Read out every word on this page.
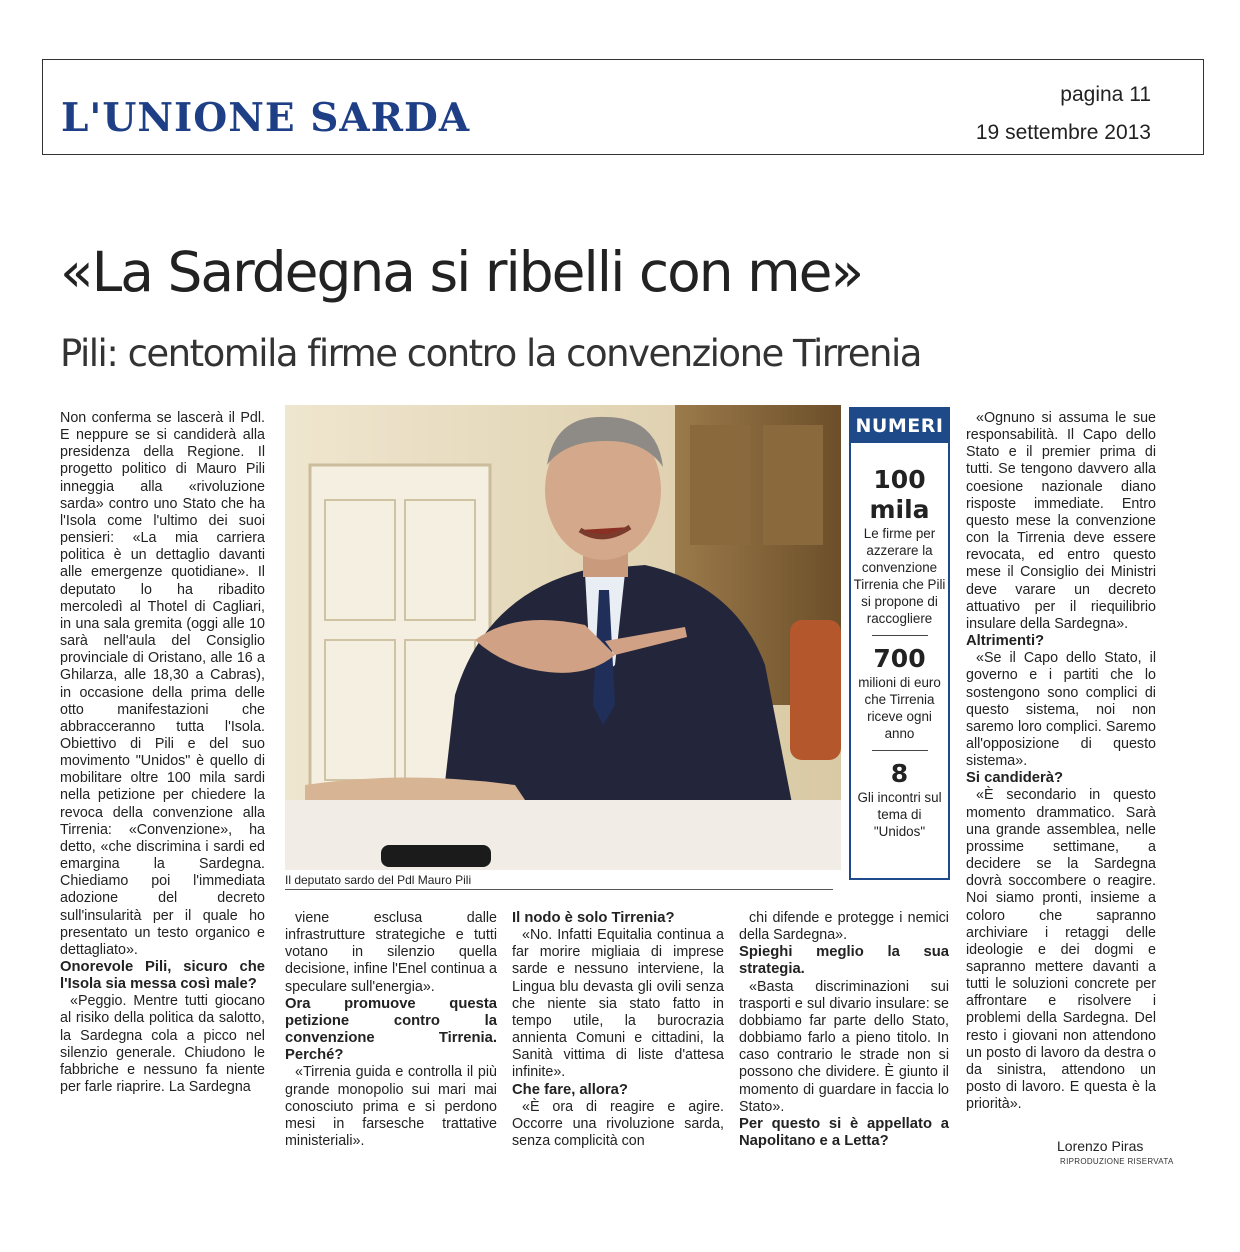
L'UNIONE SARDA
pagina 11
19 settembre 2013
«La Sardegna si ribelli con me»
Pili: centomila firme contro la convenzione Tirrenia

Non conferma se lascerà il Pdl. E neppure se si candiderà alla presidenza della Regione. Il progetto politico di Mauro Pili inneggia alla «rivoluzione sarda» contro uno Stato che ha l'Isola come l'ultimo dei suoi pensieri: «La mia carriera politica è un dettaglio davanti alle emergenze quotidiane». Il deputato lo ha ribadito mercoledì al Thotel di Cagliari, in una sala gremita (oggi alle 10 sarà nell'aula del Consiglio provinciale di Oristano, alle 16 a Ghilarza, alle 18,30 a Cabras), in occasione della prima delle otto manifestazioni che abbracceranno tutta l'Isola. Obiettivo di Pili e del suo movimento "Unidos" è quello di mobilitare oltre 100 mila sardi nella petizione per chiedere la revoca della convenzione alla Tirrenia: «Convenzione», ha detto, «che discrimina i sardi ed emargina la Sardegna. Chiediamo poi l'immediata adozione del decreto sull'insularità per il quale ho presentato un testo organico e dettagliato».

Onorevole Pili, sicuro che l'Isola sia messa così male?

«Peggio. Mentre tutti giocano al risiko della politica da salotto, la Sardegna cola a picco nel silenzio generale. Chiudono le fabbriche e nessuno fa niente per farle riaprire. La Sardegna

viene esclusa dalle infrastrutture strategiche e tutti votano in silenzio quella decisione, infine l'Enel continua a speculare sull'energia».

Ora promuove questa petizione contro la convenzione Tirrenia. Perché?

«Tirrenia guida e controlla il più grande monopolio sui mari mai conosciuto prima e si perdono mesi in farsesche trattative ministeriali».

Il nodo è solo Tirrenia?

«No. Infatti Equitalia continua a far morire migliaia di imprese sarde e nessuno interviene, la Lingua blu devasta gli ovili senza che niente sia stato fatto in tempo utile, la burocrazia annienta Comuni e cittadini, la Sanità vittima di liste d'attesa infinite».

Che fare, allora?

«È ora di reagire e agire. Occorre una rivoluzione sarda, senza complicità con

chi difende e protegge i nemici della Sardegna».

Spieghi meglio la sua strategia.

«Basta discriminazioni sui trasporti e sul divario insulare: se dobbiamo far parte dello Stato, dobbiamo farlo a pieno titolo. In caso contrario le strade non si possono che dividere. È giunto il momento di guardare in faccia lo Stato».

Per questo si è appellato a Napolitano e a Letta?

«Ognuno si assuma le sue responsabilità. Il Capo dello Stato e il premier prima di tutti. Se tengono davvero alla coesione nazionale diano risposte immediate. Entro questo mese la convenzione con la Tirrenia deve essere revocata, ed entro questo mese il Consiglio dei Ministri deve varare un decreto attuativo per il riequilibrio insulare della Sardegna».

Altrimenti?

«Se il Capo dello Stato, il governo e i partiti che lo sostengono sono complici di questo sistema, noi non saremo loro complici. Saremo all'opposizione di questo sistema».

Si candiderà?

«È secondario in questo momento drammatico. Sarà una grande assemblea, nelle prossime settimane, a decidere se la Sardegna dovrà soccombere o reagire. Noi siamo pronti, insieme a coloro che sapranno archiviare i retaggi delle ideologie e dei dogmi e sapranno mettere davanti a tutti le soluzioni concrete per affrontare e risolvere i problemi della Sardegna. Del resto i giovani non attendono un posto di lavoro da destra o da sinistra, attendono un posto di lavoro. E questa è la priorità».

Il deputato sardo del Pdl Mauro Pili
NUMERI
100
mila
Le firme per azzerare la convenzione Tirrenia che Pili si propone di raccogliere
700
milioni di euro che Tirrenia riceve ogni anno
8
Gli incontri sul tema di "Unidos"
Lorenzo Piras
RIPRODUZIONE RISERVATA
